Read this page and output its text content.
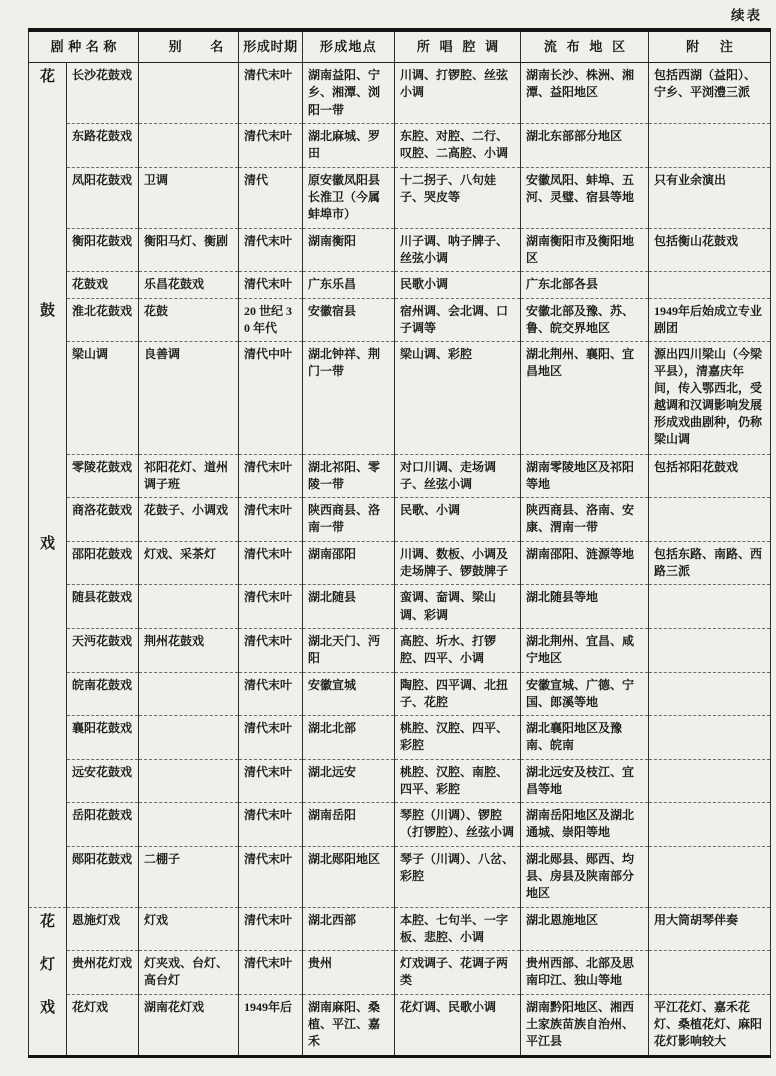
续表
剧种名称		别名	形成时期	形成地点	所唱腔调	流布地区	附注

花
鼓
戏	长沙花鼓戏		清代末叶	湖南益阳、宁乡、湘潭、浏阳一带	川调、打锣腔、丝弦小调	湖南长沙、株洲、湘潭、益阳地区	包括西湖（益阳）、宁乡、平浏澧三派
	东路花鼓戏		清代末叶	湖北麻城、罗田	东腔、对腔、二行、叹腔、二高腔、小调	湖北东部部分地区	
	凤阳花鼓戏	卫调	清代	原安徽凤阳县长淮卫（今属蚌埠市）	十二拐子、八句娃子、哭皮等	安徽凤阳、蚌埠、五河、灵璧、宿县等地	只有业余演出
	衡阳花鼓戏	衡阳马灯、衡剧	清代末叶	湖南衡阳	川子调、呐子牌子、丝弦小调	湖南衡阳市及衡阳地区	包括衡山花鼓戏
	花鼓戏	乐昌花鼓戏	清代末叶	广东乐昌	民歌小调	广东北部各县	
	淮北花鼓戏	花鼓	20 世纪 30 年代	安徽宿县	宿州调、会北调、口子调等	安徽北部及豫、苏、鲁、皖交界地区	1949年后始成立专业剧团
	梁山调	良善调	清代中叶	湖北钟祥、荆门一带	梁山调、彩腔	湖北荆州、襄阳、宜昌地区	源出四川梁山（今梁平县），清嘉庆年间，传入鄂西北，受越调和汉调影响发展形成戏曲剧种，仍称梁山调
	零陵花鼓戏	祁阳花灯、道州调子班	清代末叶	湖北祁阳、零陵一带	对口川调、走场调子、丝弦小调	湖南零陵地区及祁阳等地	包括祁阳花鼓戏
	商洛花鼓戏	花鼓子、小调戏	清代末叶	陕西商县、洛南一带	民歌、小调	陕西商县、洛南、安康、渭南一带	
	邵阳花鼓戏	灯戏、采茶灯	清代末叶	湖南邵阳	川调、数板、小调及走场牌子、锣鼓牌子	湖南邵阳、涟源等地	包括东路、南路、西路三派
	随县花鼓戏		清代末叶	湖北随县	蛮调、奤调、梁山调、彩调	湖北随县等地	
	天沔花鼓戏	荆州花鼓戏	清代末叶	湖北天门、沔阳	高腔、圻水、打锣腔、四平、小调	湖北荆州、宜昌、咸宁地区	
	皖南花鼓戏		清代末叶	安徽宣城	陶腔、四平调、北扭子、花腔	安徽宣城、广德、宁国、郎溪等地	
	襄阳花鼓戏		清代末叶	湖北北部	桃腔、汉腔、四平、彩腔	湖北襄阳地区及豫南、皖南	
	远安花鼓戏		清代末叶	湖北远安	桃腔、汉腔、南腔、四平、彩腔	湖北远安及枝江、宜昌等地	
	岳阳花鼓戏		清代末叶	湖南岳阳	琴腔（川调）、锣腔（打锣腔）、丝弦小调	湖南岳阳地区及湖北通城、崇阳等地	
	郧阳花鼓戏	二棚子	清代末叶	湖北郧阳地区	琴子（川调）、八岔、彩腔	湖北郧县、郧西、均县、房县及陕南部分地区	

花
灯
戏	恩施灯戏	灯戏	清代末叶	湖北西部	本腔、七句半、一字板、悲腔、小调	湖北恩施地区	用大筒胡琴伴奏
	贵州花灯戏	灯夹戏、台灯、高台灯	清代末叶	贵州	灯戏调子、花调子两类	贵州西部、北部及思南印江、独山等地	
	花灯戏	湖南花灯戏	1949年后	湖南麻阳、桑植、平江、嘉禾	花灯调、民歌小调	湖南黔阳地区、湘西土家族苗族自治州、平江县	平江花灯、嘉禾花灯、桑植花灯、麻阳花灯影响较大
